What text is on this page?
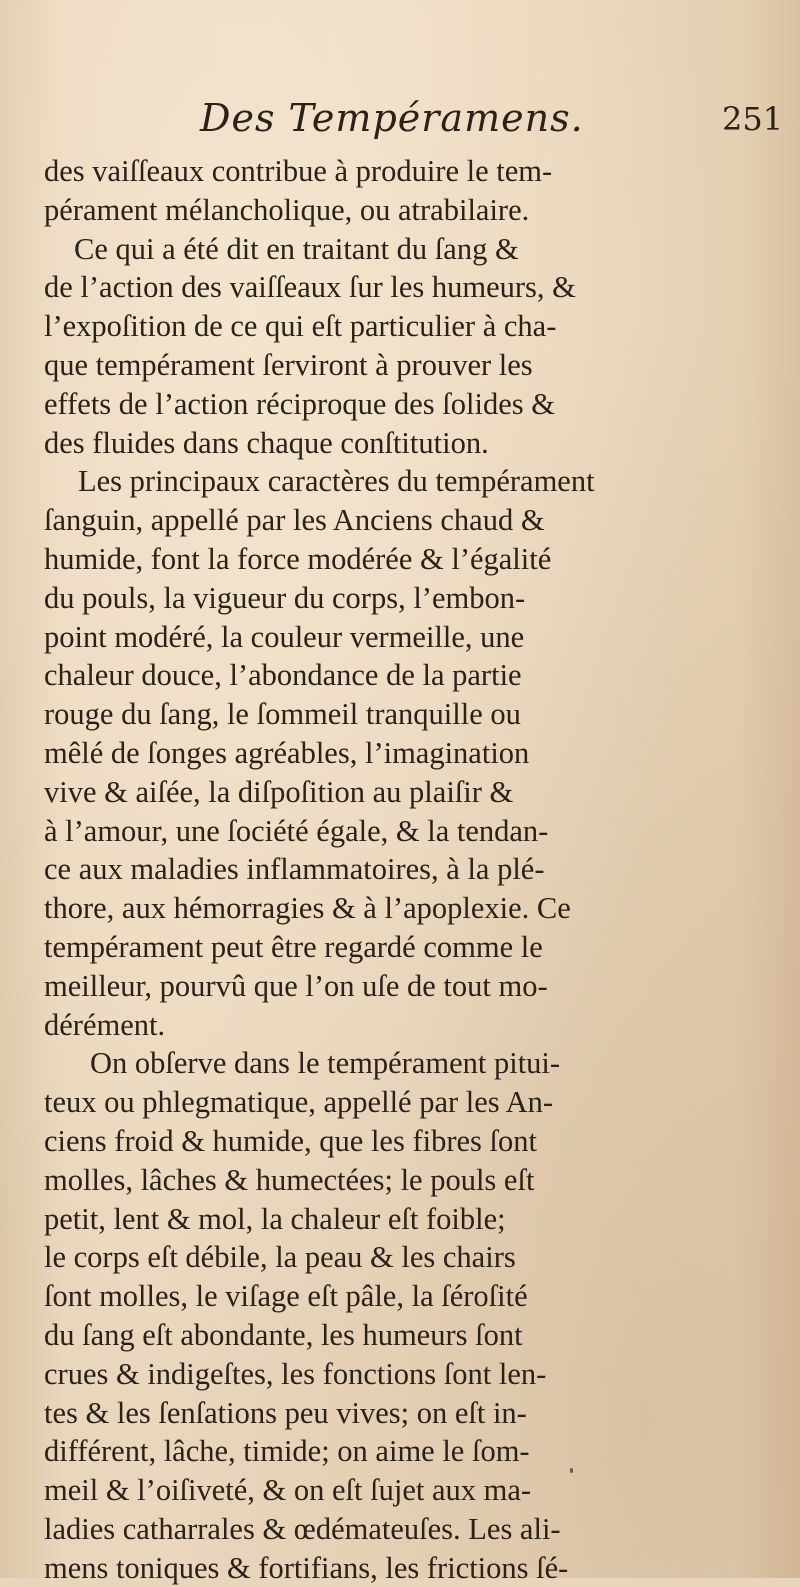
Des Tempéramens.	251
des vaiſſeaux contribue à produire le tem-
pérament mélancholique, ou atrabilaire.
Ce qui a été dit en traitant du ſang &
de l’action des vaiſſeaux ſur les humeurs, &
l’expoſition de ce qui eſt particulier à cha-
que tempérament ſerviront à prouver les
effets de l’action réciproque des ſolides &
des fluides dans chaque conſtitution.
Les principaux caractères du tempérament
ſanguin, appellé par les Anciens chaud &
humide, font la force modérée & l’égalité
du pouls, la vigueur du corps, l’embon-
point modéré, la couleur vermeille, une
chaleur douce, l’abondance de la partie
rouge du ſang, le ſommeil tranquille ou
mêlé de ſonges agréables, l’imagination
vive & aiſée, la diſpoſition au plaiſir &
à l’amour, une ſociété égale, & la tendan-
ce aux maladies inflammatoires, à la plé-
thore, aux hémorragies & à l’apoplexie. Ce
tempérament peut être regardé comme le
meilleur, pourvû que l’on uſe de tout mo-
dérément.
On obſerve dans le tempérament pitui-
teux ou phlegmatique, appellé par les An-
ciens froid & humide, que les fibres ſont
molles, lâches & humectées; le pouls eſt
petit, lent & mol, la chaleur eſt foible;
le corps eſt débile, la peau & les chairs
ſont molles, le viſage eſt pâle, la ſéroſité
du ſang eſt abondante, les humeurs ſont
crues & indigeſtes, les fonctions ſont len-
tes & les ſenſations peu vives; on eſt in-
différent, lâche, timide; on aime le ſom-
meil & l’oiſiveté, & on eſt ſujet aux ma-
ladies catharrales & œdémateuſes. Les ali-
mens toniques & fortifians, les frictions ſé-
